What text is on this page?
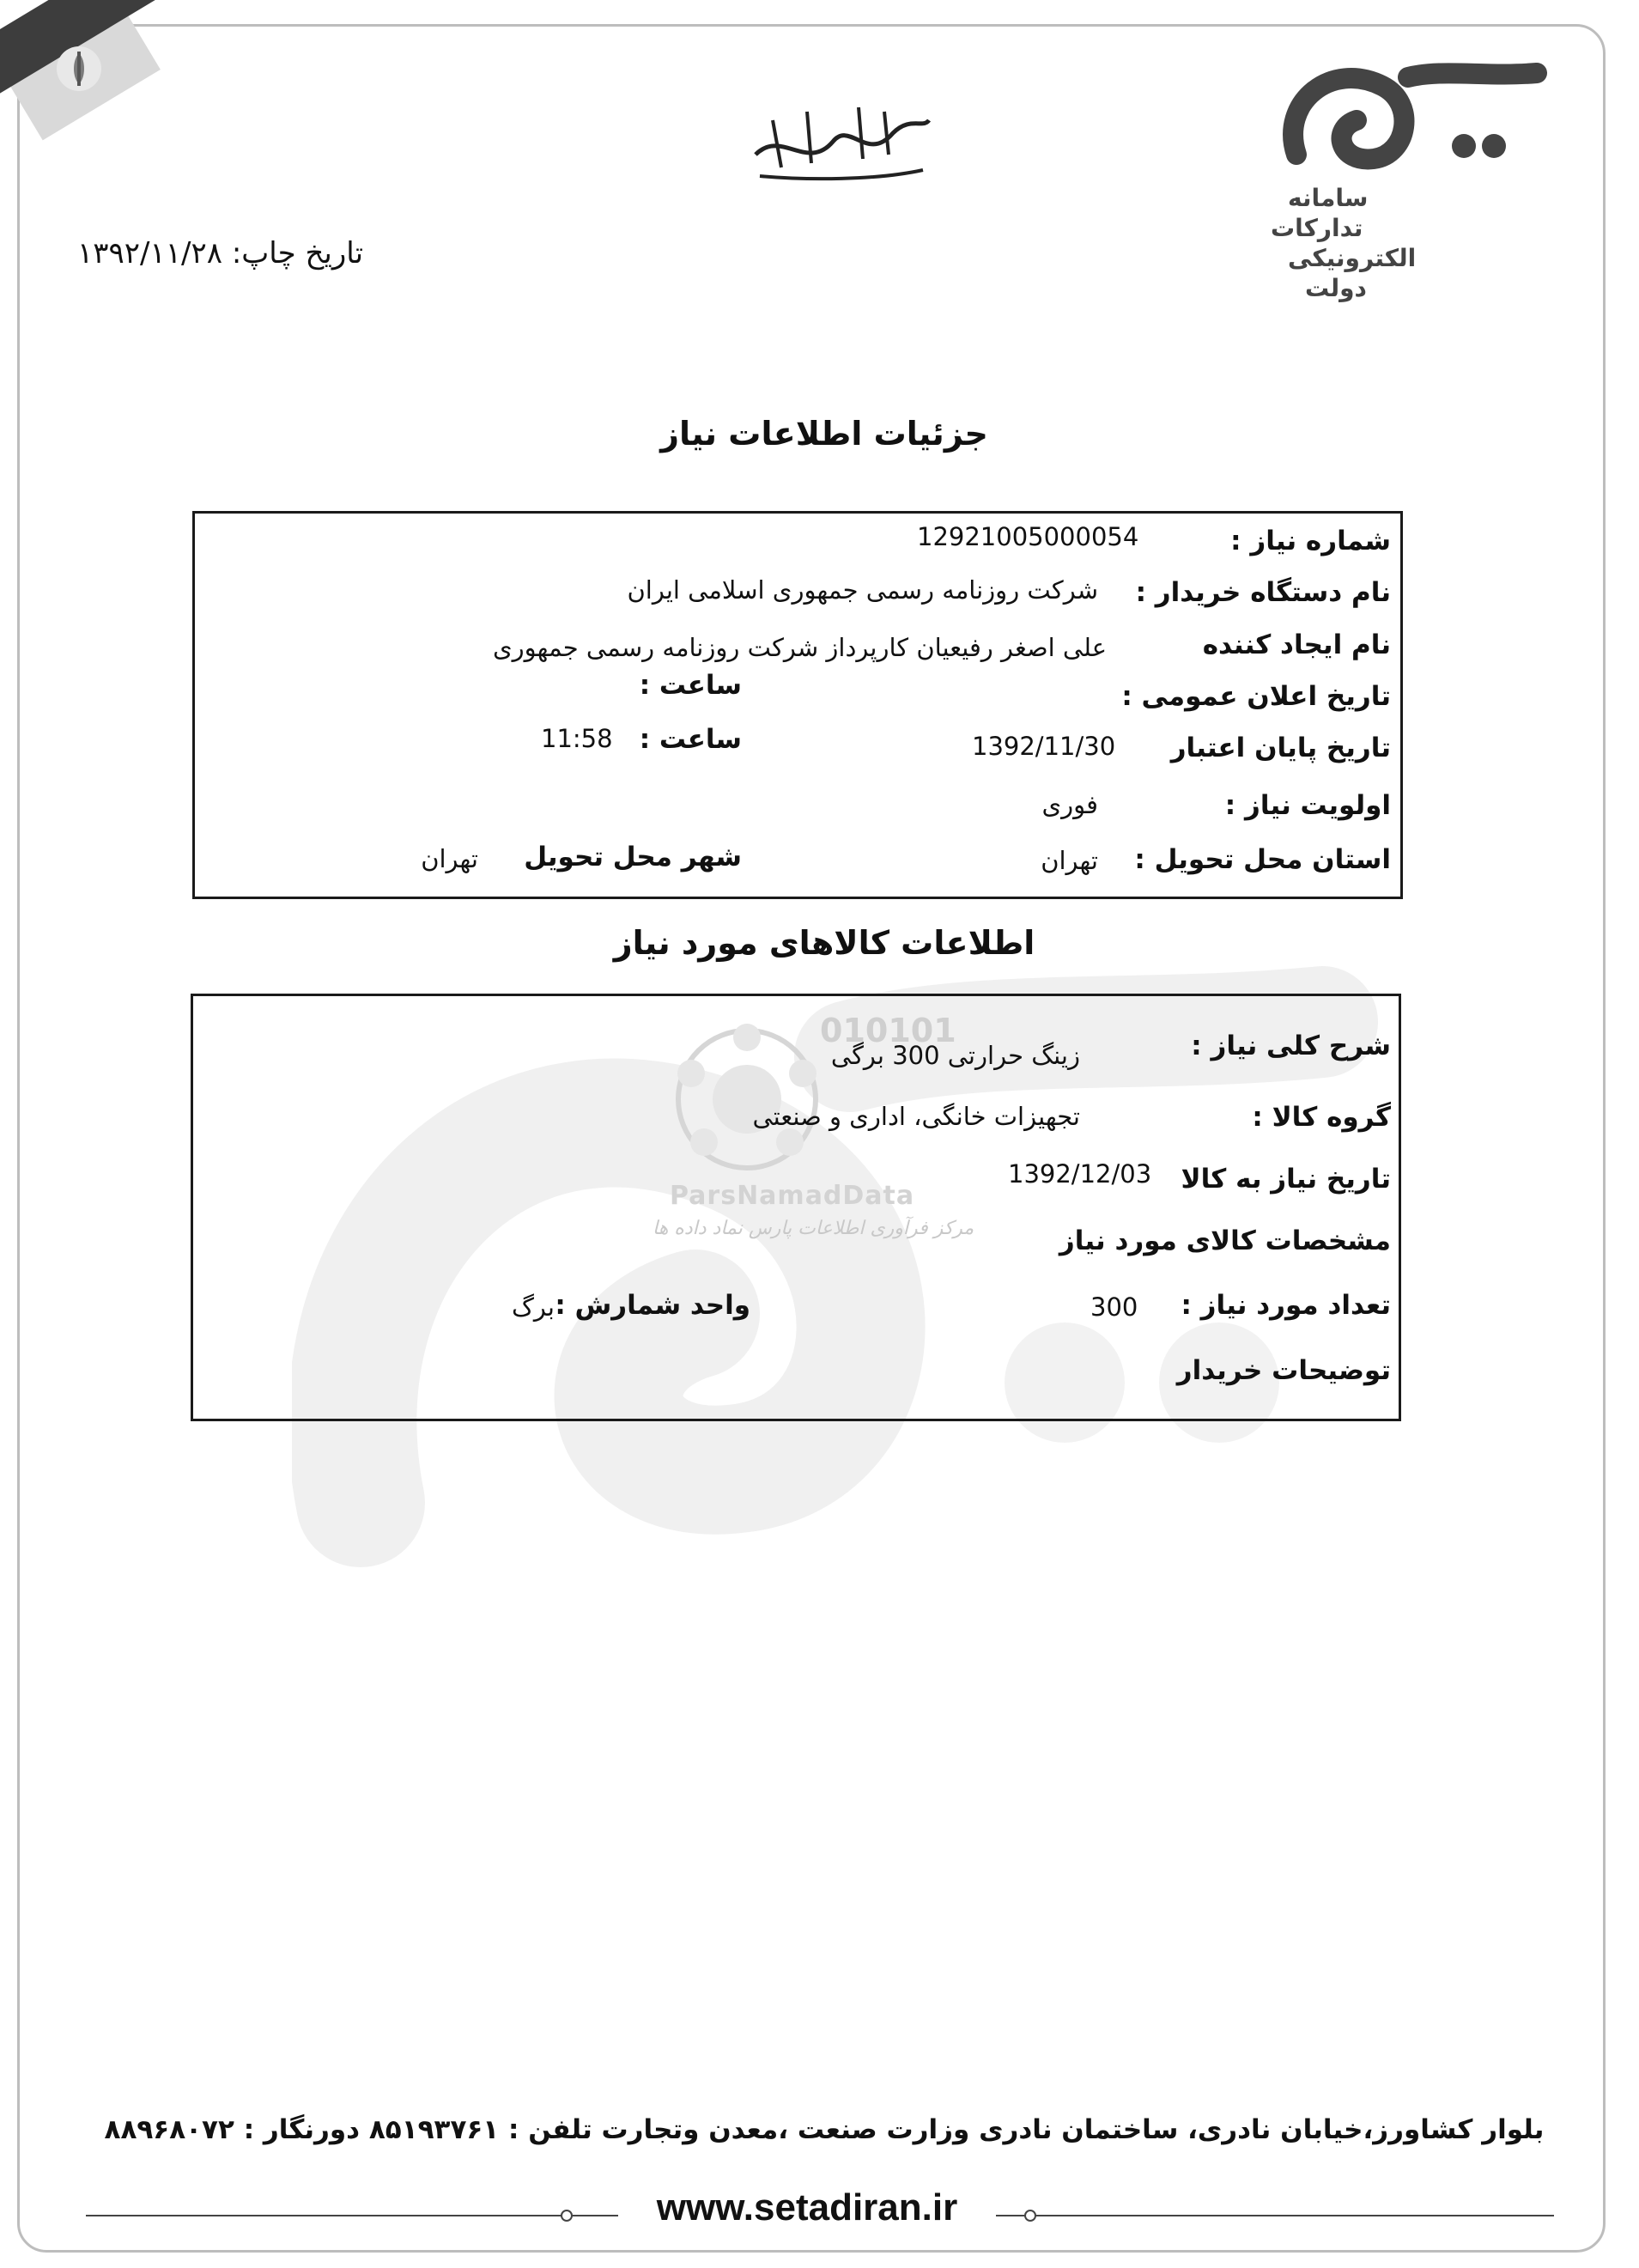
بسم الله الرحمن الرحیم	سامانه
تدارکات
الکترونیکی
دولت
تاریخ چاپ: ۱۳۹۲/۱۱/۲۸
010101
ParsNamadData
مرکز فرآوری اطلاعات پارس نماد داده ها
جزئیات اطلاعات نیاز
شماره نیاز :
12921005000054
نام دستگاه خریدار :
شرکت روزنامه رسمی جمهوری اسلامی ایران
نام ایجاد کننده
علی اصغر رفیعیان کارپرداز شرکت روزنامه رسمی جمهوری
تاریخ اعلان عمومی :
ساعت :
تاریخ پایان اعتبار
1392/11/30
ساعت :
11:58
اولویت نیاز :
فوری
استان محل تحویل :
تهران
شهر محل تحویل
تهران
اطلاعات کالاهای مورد نیاز
شرح کلی نیاز :
زینگ حرارتی 300 برگی
گروه کالا :
تجهیزات خانگی، اداری و صنعتی
تاریخ نیاز به کالا
1392/12/03
مشخصات کالای مورد نیاز
تعداد مورد نیاز :
300
واحد شمارش :
برگ
توضیحات خریدار
بلوار کشاورز،خیابان نادری، ساختمان نادری وزارت صنعت ،معدن وتجارت تلفن : ۸۵۱۹۳۷۶۱ دورنگار : ۸۸۹۶۸۰۷۲
www.setadiran.ir
